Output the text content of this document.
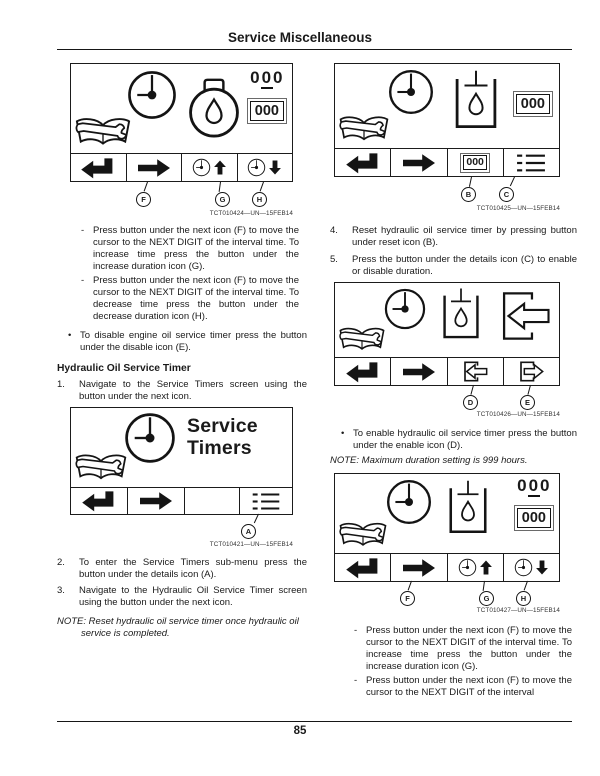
Service Miscellaneous
0 0 0
000
F	G	H
TCT010424—UN—15FEB14
000
000
B	C
TCT010425—UN—15FEB14
- Press button under the next icon (F) to move the cursor to the NEXT DIGIT of the interval time. To increase time press the button under the increase duration icon (G).
- Press button under the next icon (F) to move the cursor to the NEXT DIGIT of the interval time. To decrease time press the button under the decrease duration icon (H).
• To disable engine oil service timer press the button under the disable icon (E).
Hydraulic Oil Service Timer
1.	Navigate to the Service Timers screen using the button under the next icon.
Service
Timers
A
TCT010421—UN—15FEB14
2.	To enter the Service Timers sub-menu press the button under the details icon (A).
3.	Navigate to the Hydraulic Oil Service Timer screen using the button under the next icon.
NOTE: Reset hydraulic oil service timer once hydraulic oil service is completed.
4.	Reset hydraulic oil service timer by pressing button under reset icon (B).
5.	Press the button under the details icon (C) to enable or disable duration.
D	E
TCT010426—UN—15FEB14
• To enable hydraulic oil service timer press the button under the enable icon (D).
NOTE: Maximum duration setting is 999 hours.
0 0 0
000
F	G	H
TCT010427—UN—15FEB14
- Press button under the next icon (F) to move the cursor to the NEXT DIGIT of the interval time. To increase time press the button under the increase duration icon (G).
- Press button under the next icon (F) to move the cursor to the NEXT DIGIT of the interval
85
